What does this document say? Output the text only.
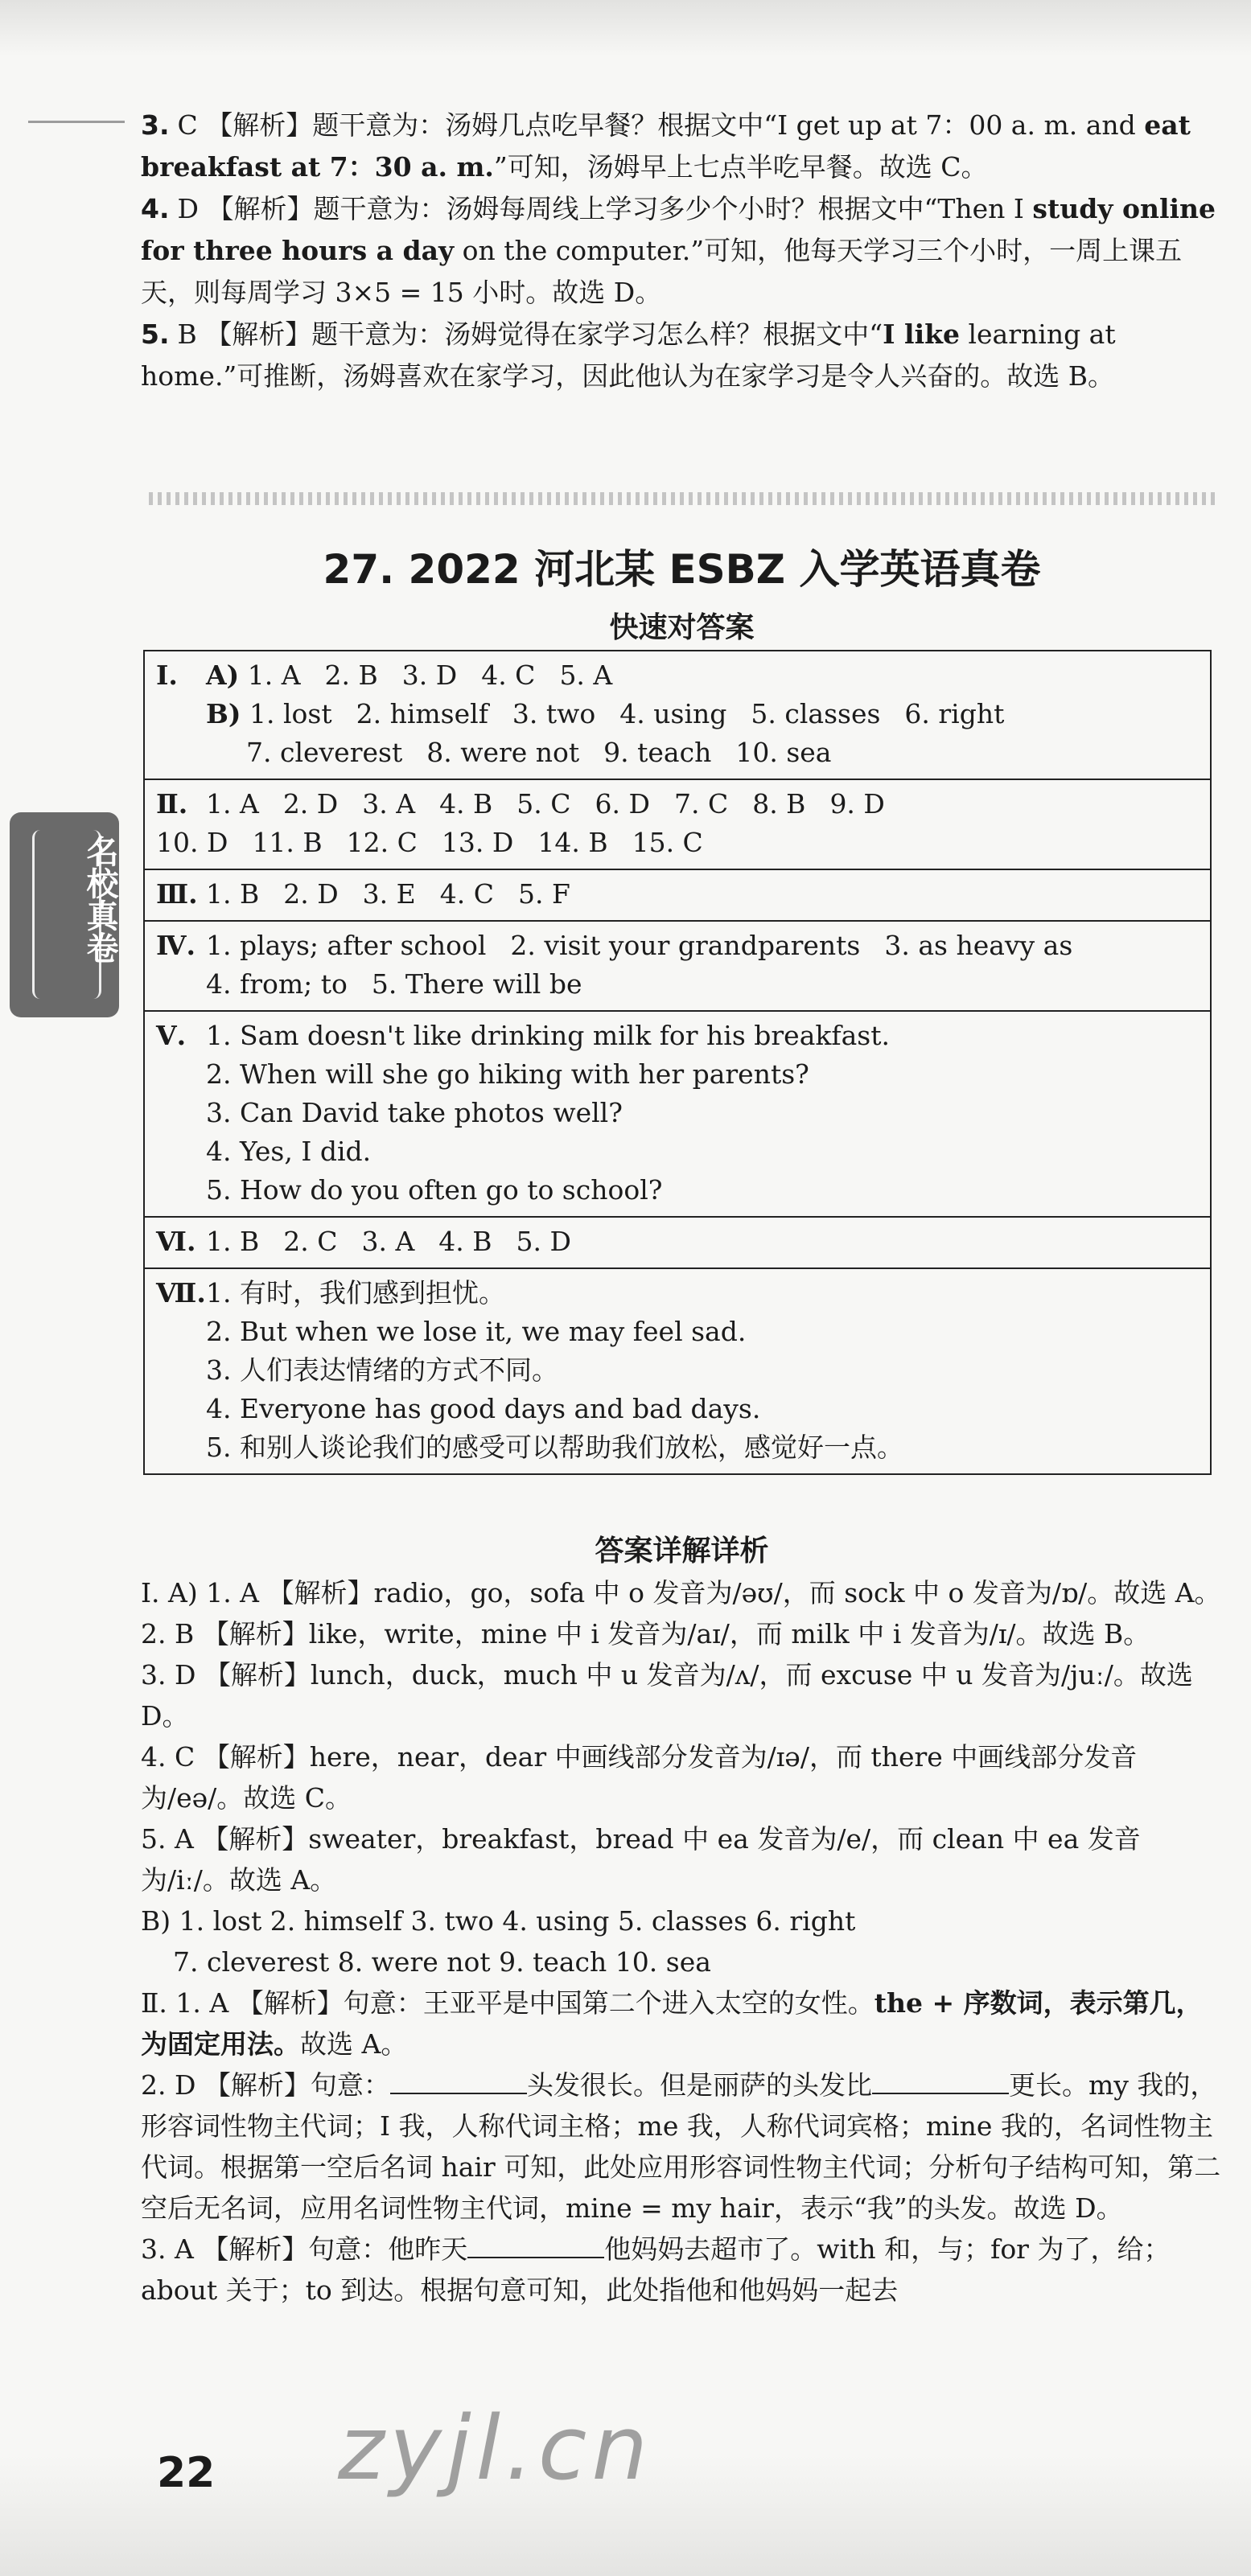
3. C 【解析】题干意为：汤姆几点吃早餐？根据文中“I get up at 7：00 a. m. and eat breakfast at 7：30 a. m.”可知，汤姆早上七点半吃早餐。故选 C。
4. D 【解析】题干意为：汤姆每周线上学习多少个小时？根据文中“Then I study online for three hours a day on the computer.”可知，他每天学习三个小时，一周上课五天，则每周学习 3×5 = 15 小时。故选 D。
5. B 【解析】题干意为：汤姆觉得在家学习怎么样？根据文中“I like learning at home.”可推断，汤姆喜欢在家学习，因此他认为在家学习是令人兴奋的。故选 B。
27. 2022 河北某 ESBZ 入学英语真卷
快速对答案
Ⅰ. A) 1. A 2. B 3. D 4. C 5. A
B) 1. lost 2. himself 3. two 4. using 5. classes 6. right
7. cleverest 8. were not 9. teach 10. sea

Ⅱ. 1. A 2. D 3. A 4. B 5. C 6. D 7. C 8. B 9. D
10. D 11. B 12. C 13. D 14. B 15. C

Ⅲ. 1. B 2. D 3. E 4. C 5. F

Ⅳ. 1. plays; after school 2. visit your grandparents 3. as heavy as
4. from; to 5. There will be

Ⅴ. 1. Sam doesn't like drinking milk for his breakfast.
2. When will she go hiking with her parents?
3. Can David take photos well?
4. Yes, I did.
5. How do you often go to school?

Ⅵ. 1. B 2. C 3. A 4. B 5. D

Ⅶ.1. 有时，我们感到担忧。
2. But when we lose it, we may feel sad.
3. 人们表达情绪的方式不同。
4. Everyone has good days and bad days.
5. 和别人谈论我们的感受可以帮助我们放松，感觉好一点。
名校真卷
答案详解详析

Ⅰ. A) 1. A 【解析】radio，go，sofa 中 o 发音为/əʊ/，而 sock 中 o 发音为/ɒ/。故选 A。

2. B 【解析】like，write，mine 中 i 发音为/aɪ/，而 milk 中 i 发音为/ɪ/。故选 B。

3. D 【解析】lunch，duck，much 中 u 发音为/ʌ/，而 excuse 中 u 发音为/juː/。故选 D。

4. C 【解析】here，near，dear 中画线部分发音为/ɪə/，而 there 中画线部分发音为/eə/。故选 C。

5. A 【解析】sweater，breakfast，bread 中 ea 发音为/e/，而 clean 中 ea 发音为/iː/。故选 A。

B) 1. lost 2. himself 3. two 4. using 5. classes 6. right

7. cleverest 8. were not 9. teach 10. sea

Ⅱ. 1. A 【解析】句意：王亚平是中国第二个进入太空的女性。the + 序数词，表示第几，为固定用法。故选 A。

2. D 【解析】句意：	头发很长。但是丽萨的头发比	更长。my 我的，形容词性物主代词；I 我，人称代词主格；me 我，人称代词宾格；mine 我的，名词性物主代词。根据第一空后名词 hair 可知，此处应用形容词性物主代词；分析句子结构可知，第二空后无名词，应用名词性物主代词，mine = my hair，表示“我”的头发。故选 D。

3. A 【解析】句意：他昨天	他妈妈去超市了。with 和，与；for 为了，给；about 关于；to 到达。根据句意可知，此处指他和他妈妈一起去

22 zyjl.cn
